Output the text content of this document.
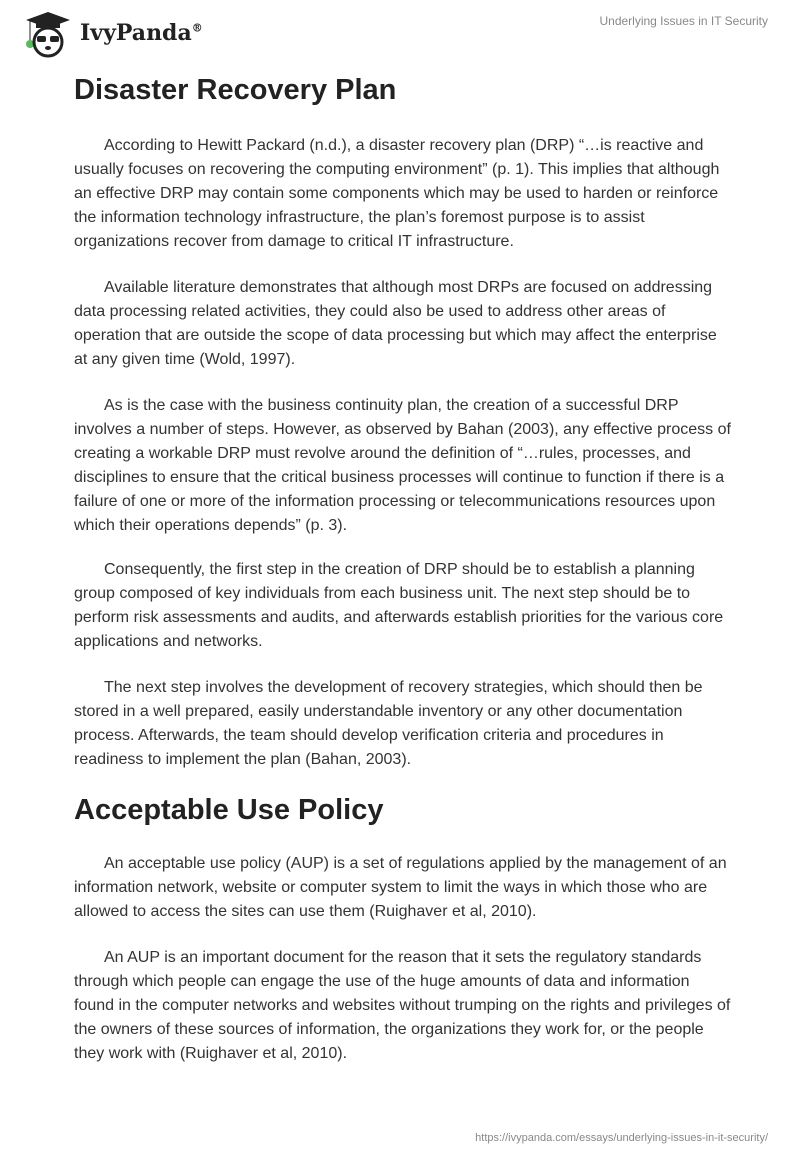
IvyPanda®
Underlying Issues in IT Security
Disaster Recovery Plan

According to Hewitt Packard (n.d.), a disaster recovery plan (DRP) “…is reactive and usually focuses on recovering the computing environment” (p. 1). This implies that although an effective DRP may contain some components which may be used to harden or reinforce the information technology infrastructure, the plan’s foremost purpose is to assist organizations recover from damage to critical IT infrastructure.

Available literature demonstrates that although most DRPs are focused on addressing data processing related activities, they could also be used to address other areas of operation that are outside the scope of data processing but which may affect the enterprise at any given time (Wold, 1997).

As is the case with the business continuity plan, the creation of a successful DRP involves a number of steps. However, as observed by Bahan (2003), any effective process of creating a workable DRP must revolve around the definition of “…rules, processes, and disciplines to ensure that the critical business processes will continue to function if there is a failure of one or more of the information processing or telecommunications resources upon which their operations depends” (p. 3).

Consequently, the first step in the creation of DRP should be to establish a planning group composed of key individuals from each business unit. The next step should be to perform risk assessments and audits, and afterwards establish priorities for the various core applications and networks.

The next step involves the development of recovery strategies, which should then be stored in a well prepared, easily understandable inventory or any other documentation process. Afterwards, the team should develop verification criteria and procedures in readiness to implement the plan (Bahan, 2003).

Acceptable Use Policy

An acceptable use policy (AUP) is a set of regulations applied by the management of an information network, website or computer system to limit the ways in which those who are allowed to access the sites can use them (Ruighaver et al, 2010).

An AUP is an important document for the reason that it sets the regulatory standards through which people can engage the use of the huge amounts of data and information found in the computer networks and websites without trumping on the rights and privileges of the owners of these sources of information, the organizations they work for, or the people they work with (Ruighaver et al, 2010).

https://ivypanda.com/essays/underlying-issues-in-it-security/
